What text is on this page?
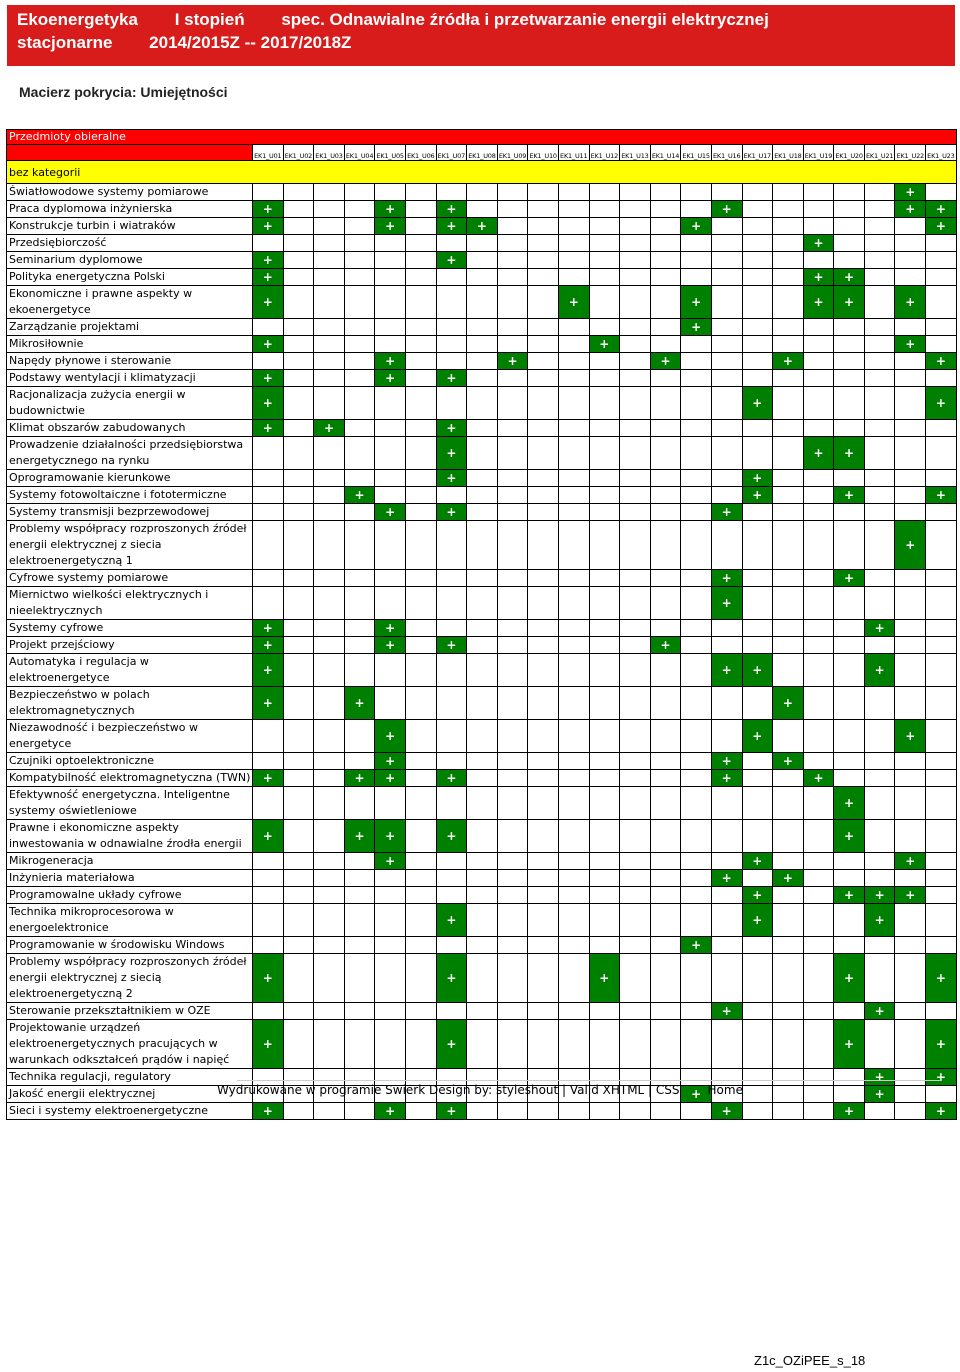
Ekoenergetyka I stopień spec. Odnawialne źródła i przetwarzanie energii elektrycznej
stacjonarne 2014/2015Z -- 2017/2018Z
Macierz pokrycia: Umiejętności
Przedmioty obieralne																							
	EK1_U01	EK1_U02	EK1_U03	EK1_U04	EK1_U05	EK1_U06	EK1_U07	EK1_U08	EK1_U09	EK1_U10	EK1_U11	EK1_U12	EK1_U13	EK1_U14	EK1_U15	EK1_U16	EK1_U17	EK1_U18	EK1_U19	EK1_U20	EK1_U21	EK1_U22	EK1_U23
bez kategorii																							
Światłowodowe systemy pomiarowe																						+	
Praca dyplomowa inżynierska	+				+		+									+						+	+
Konstrukcje turbin i wiatraków	+				+		+	+							+								+
Przedsiębiorczość																			+				
Seminarium dyplomowe	+						+																
Polityka energetyczna Polski	+																		+	+			
Ekonomiczne i prawne aspekty w ekoenergetyce	+										+				+				+	+		+	
Zarządzanie projektami															+								
Mikrosiłownie	+											+										+	
Napędy płynowe i sterowanie					+				+					+				+					+
Podstawy wentylacji i klimatyzacji	+				+		+																
Racjonalizacja zużycia energii w budownictwie	+																+						+
Klimat obszarów zabudowanych	+		+				+																
Prowadzenie działalności przedsiębiorstwa energetycznego na rynku							+												+	+			
Oprogramowanie kierunkowe							+										+						
Systemy fotowoltaiczne i fototermiczne				+													+			+			+
Systemy transmisji bezprzewodowej					+		+									+							
Problemy współpracy rozproszonych źródeł energii elektrycznej z siecia elektroenergetyczną 1																						+	
Cyfrowe systemy pomiarowe																+				+			
Miernictwo wielkości elektrycznych i nieelektrycznych																+							
Systemy cyfrowe	+				+																+		
Projekt przejściowy	+				+		+							+									
Automatyka i regulacja w elektroenergetyce	+															+	+				+		
Bezpieczeństwo w polach elektromagnetycznych	+			+														+					
Niezawodność i bezpieczeństwo w energetyce					+												+					+	
Czujniki optoelektroniczne					+											+		+					
Kompatybilność elektromagnetyczna (TWN)	+			+	+		+									+			+				
Efektywność energetyczna. Inteligentne systemy oświetleniowe																				+			
Prawne i ekonomiczne aspekty inwestowania w odnawialne źrodła energii	+			+	+		+													+			
Mikrogeneracja					+												+					+	
Inżynieria materiałowa																+		+					
Programowalne układy cyfrowe																	+			+	+	+	
Technika mikroprocesorowa w energoelektronice							+										+				+		
Programowanie w środowisku Windows															+								
Problemy współpracy rozproszonych źródeł energii elektrycznej z siecią elektroenergetyczną 2	+						+					+								+			+
Sterowanie przekształtnikiem w OZE																+					+		
Projektowanie urządzeń elektroenergetycznych pracujących w warunkach odkształceń prądów i napięć	+						+													+			+
Technika regulacji, regulatory																					+		+
Jakość energii elektrycznej															+						+		
Sieci i systemy elektroenergetyczne	+				+		+									+				+			+
Wydrukowane w programie Swierk Design by: styleshout | Valid XHTML | CSS Home
Z1c_OZiPEE_s_18
